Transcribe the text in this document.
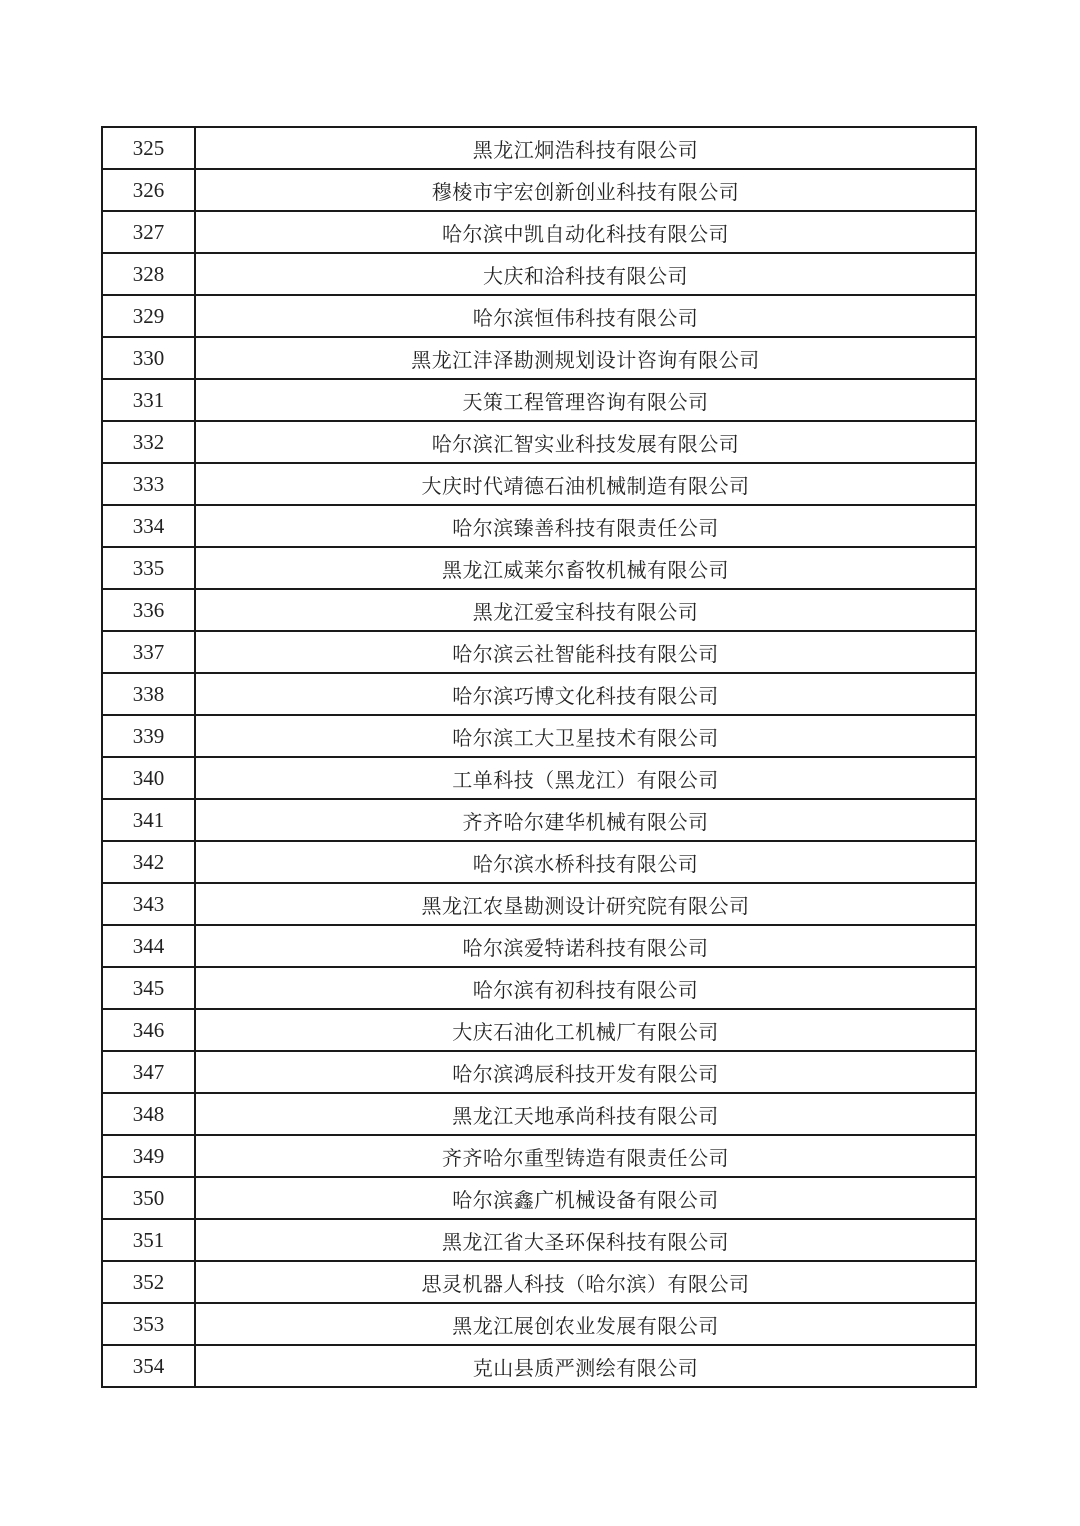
325	黑龙江炯浩科技有限公司
326	穆棱市宇宏创新创业科技有限公司
327	哈尔滨中凯自动化科技有限公司
328	大庆和洽科技有限公司
329	哈尔滨恒伟科技有限公司
330	黑龙江沣泽勘测规划设计咨询有限公司
331	天策工程管理咨询有限公司
332	哈尔滨汇智实业科技发展有限公司
333	大庆时代靖德石油机械制造有限公司
334	哈尔滨臻善科技有限责任公司
335	黑龙江威莱尔畜牧机械有限公司
336	黑龙江爱宝科技有限公司
337	哈尔滨云社智能科技有限公司
338	哈尔滨巧博文化科技有限公司
339	哈尔滨工大卫星技术有限公司
340	工单科技（黑龙江）有限公司
341	齐齐哈尔建华机械有限公司
342	哈尔滨水桥科技有限公司
343	黑龙江农垦勘测设计研究院有限公司
344	哈尔滨爱特诺科技有限公司
345	哈尔滨有初科技有限公司
346	大庆石油化工机械厂有限公司
347	哈尔滨鸿辰科技开发有限公司
348	黑龙江天地承尚科技有限公司
349	齐齐哈尔重型铸造有限责任公司
350	哈尔滨鑫广机械设备有限公司
351	黑龙江省大圣环保科技有限公司
352	思灵机器人科技（哈尔滨）有限公司
353	黑龙江展创农业发展有限公司
354	克山县质严测绘有限公司
